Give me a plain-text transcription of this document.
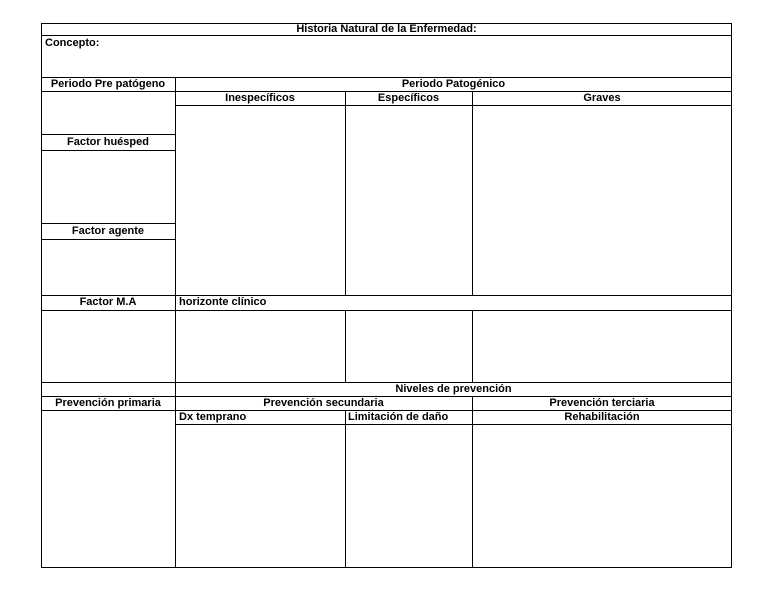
Historia Natural de la Enfermedad:
Concepto:
Periodo Pre patógeno	Periodo Patogénico
Inespecíficos	Específicos	Graves
Factor huésped
Factor agente
Factor M.A	horizonte clínico
Niveles de prevención
Prevención primaria	Prevención secundaria	Prevención terciaria
Dx temprano	Limitación de daño	Rehabilitación
